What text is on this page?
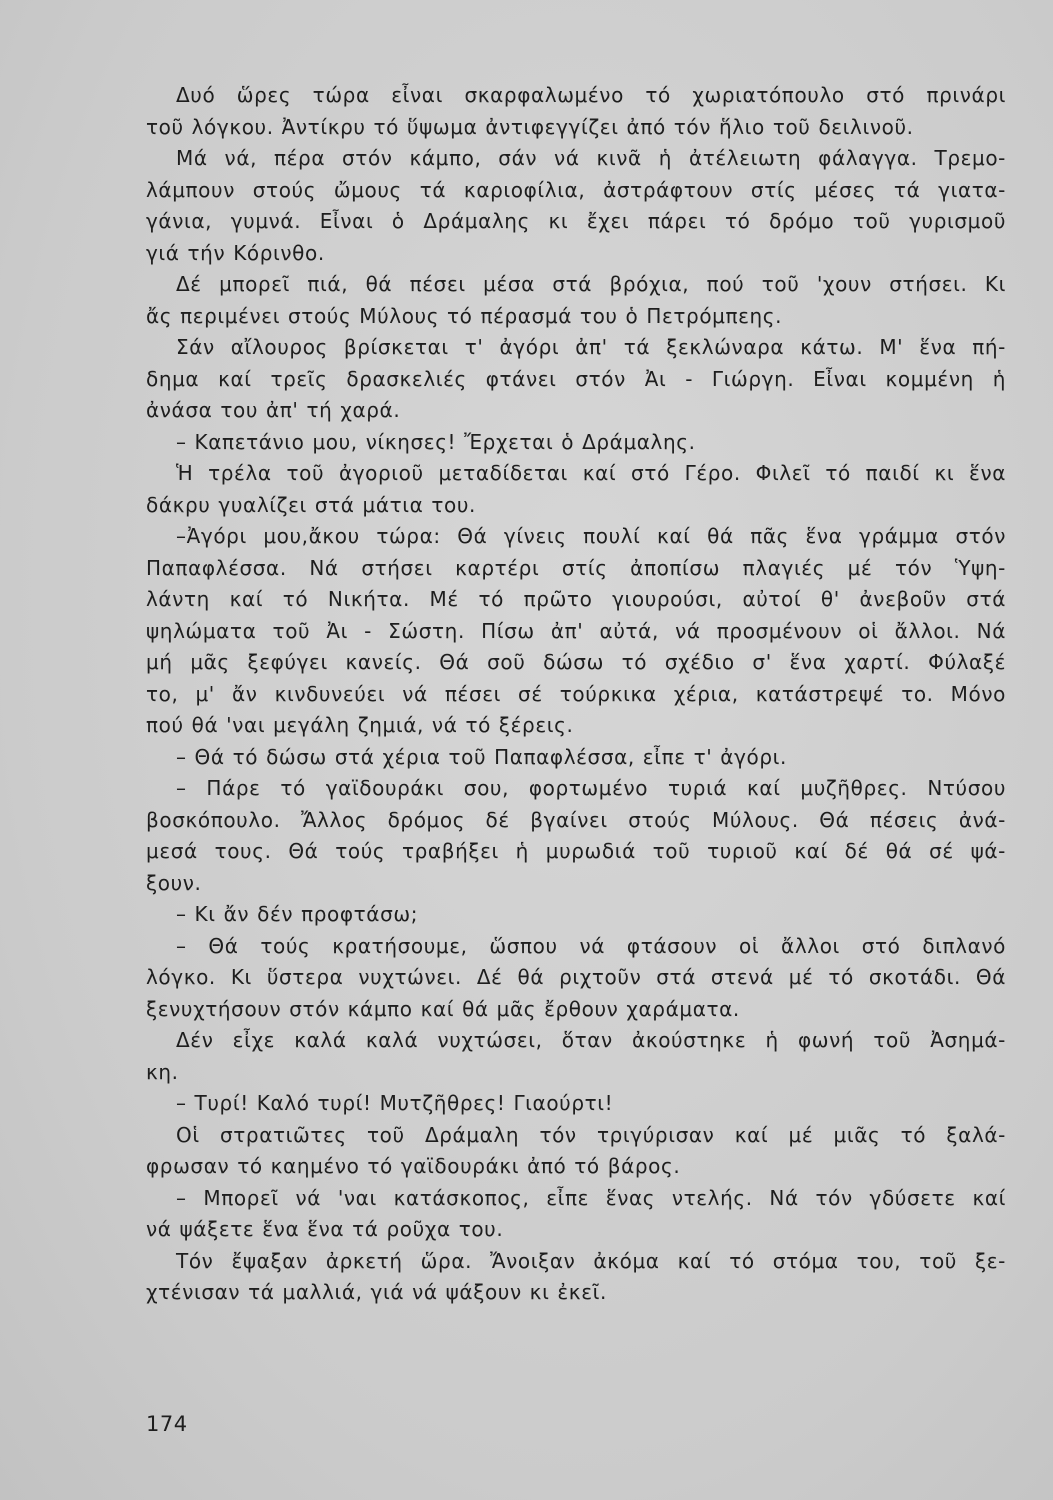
Δυό ὥρες τώρα εἶναι σκαρφαλωμένο τό χωριατόπουλο στό πρινάρι
τοῦ λόγκου. Ἀντίκρυ τό ὕψωμα ἀντιφεγγίζει ἀπό τόν ἥλιο τοῦ δειλινοῦ.
Μά νά, πέρα στόν κάμπο, σάν νά κινᾶ ἡ ἀτέλειωτη φάλαγγα. Τρεμο-
λάμπουν στούς ὤμους τά καριοφίλια, ἀστράφτουν στίς μέσες τά γιατα-
γάνια, γυμνά. Εἶναι ὁ Δράμαλης κι ἔχει πάρει τό δρόμο τοῦ γυρισμοῦ
γιά τήν Κόρινθο.
Δέ μπορεῖ πιά, θά πέσει μέσα στά βρόχια, πού τοῦ 'χουν στήσει. Κι
ἄς περιμένει στούς Μύλους τό πέρασμά του ὁ Πετρόμπεης.
Σάν αἴλουρος βρίσκεται τ' ἀγόρι ἀπ' τά ξεκλώναρα κάτω. Μ' ἕνα πή-
δημα καί τρεῖς δρασκελιές φτάνει στόν Ἀι - Γιώργη. Εἶναι κομμένη ἡ
ἀνάσα του ἀπ' τή χαρά.
– Καπετάνιο μου, νίκησες! Ἔρχεται ὁ Δράμαλης.
Ἡ τρέλα τοῦ ἀγοριοῦ μεταδίδεται καί στό Γέρο. Φιλεῖ τό παιδί κι ἕνα
δάκρυ γυαλίζει στά μάτια του.
–Ἀγόρι μου,ἄκου τώρα: Θά γίνεις πουλί καί θά πᾶς ἕνα γράμμα στόν
Παπαφλέσσα. Νά στήσει καρτέρι στίς ἀποπίσω πλαγιές μέ τόν Ὑψη-
λάντη καί τό Νικήτα. Μέ τό πρῶτο γιουρούσι, αὐτοί θ' ἀνεβοῦν στά
ψηλώματα τοῦ Ἀι - Σώστη. Πίσω ἀπ' αὐτά, νά προσμένουν οἱ ἄλλοι. Νά
μή μᾶς ξεφύγει κανείς. Θά σοῦ δώσω τό σχέδιο σ' ἕνα χαρτί. Φύλαξέ
το, μ' ἄν κινδυνεύει νά πέσει σέ τούρκικα χέρια, κατάστρεψέ το. Μόνο
πού θά 'ναι μεγάλη ζημιά, νά τό ξέρεις.
– Θά τό δώσω στά χέρια τοῦ Παπαφλέσσα, εἶπε τ' ἀγόρι.
– Πάρε τό γαϊδουράκι σου, φορτωμένο τυριά καί μυζῆθρες. Ντύσου
βοσκόπουλο. Ἄλλος δρόμος δέ βγαίνει στούς Μύλους. Θά πέσεις ἀνά-
μεσά τους. Θά τούς τραβήξει ἡ μυρωδιά τοῦ τυριοῦ καί δέ θά σέ ψά-
ξουν.
– Κι ἄν δέν προφτάσω;
– Θά τούς κρατήσουμε, ὥσπου νά φτάσουν οἱ ἄλλοι στό διπλανό
λόγκο. Κι ὕστερα νυχτώνει. Δέ θά ριχτοῦν στά στενά μέ τό σκοτάδι. Θά
ξενυχτήσουν στόν κάμπο καί θά μᾶς ἔρθουν χαράματα.
Δέν εἶχε καλά καλά νυχτώσει, ὅταν ἀκούστηκε ἡ φωνή τοῦ Ἀσημά-
κη.
– Τυρί! Καλό τυρί! Μυτζῆθρες! Γιαούρτι!
Οἱ στρατιῶτες τοῦ Δράμαλη τόν τριγύρισαν καί μέ μιᾶς τό ξαλά-
φρωσαν τό καημένο τό γαϊδουράκι ἀπό τό βάρος.
– Μπορεῖ νά 'ναι κατάσκοπος, εἶπε ἕνας ντελής. Νά τόν γδύσετε καί
νά ψάξετε ἕνα ἕνα τά ροῦχα του.
Τόν ἔψαξαν ἀρκετή ὥρα. Ἄνοιξαν ἀκόμα καί τό στόμα του, τοῦ ξε-
χτένισαν τά μαλλιά, γιά νά ψάξουν κι ἐκεῖ.
174
